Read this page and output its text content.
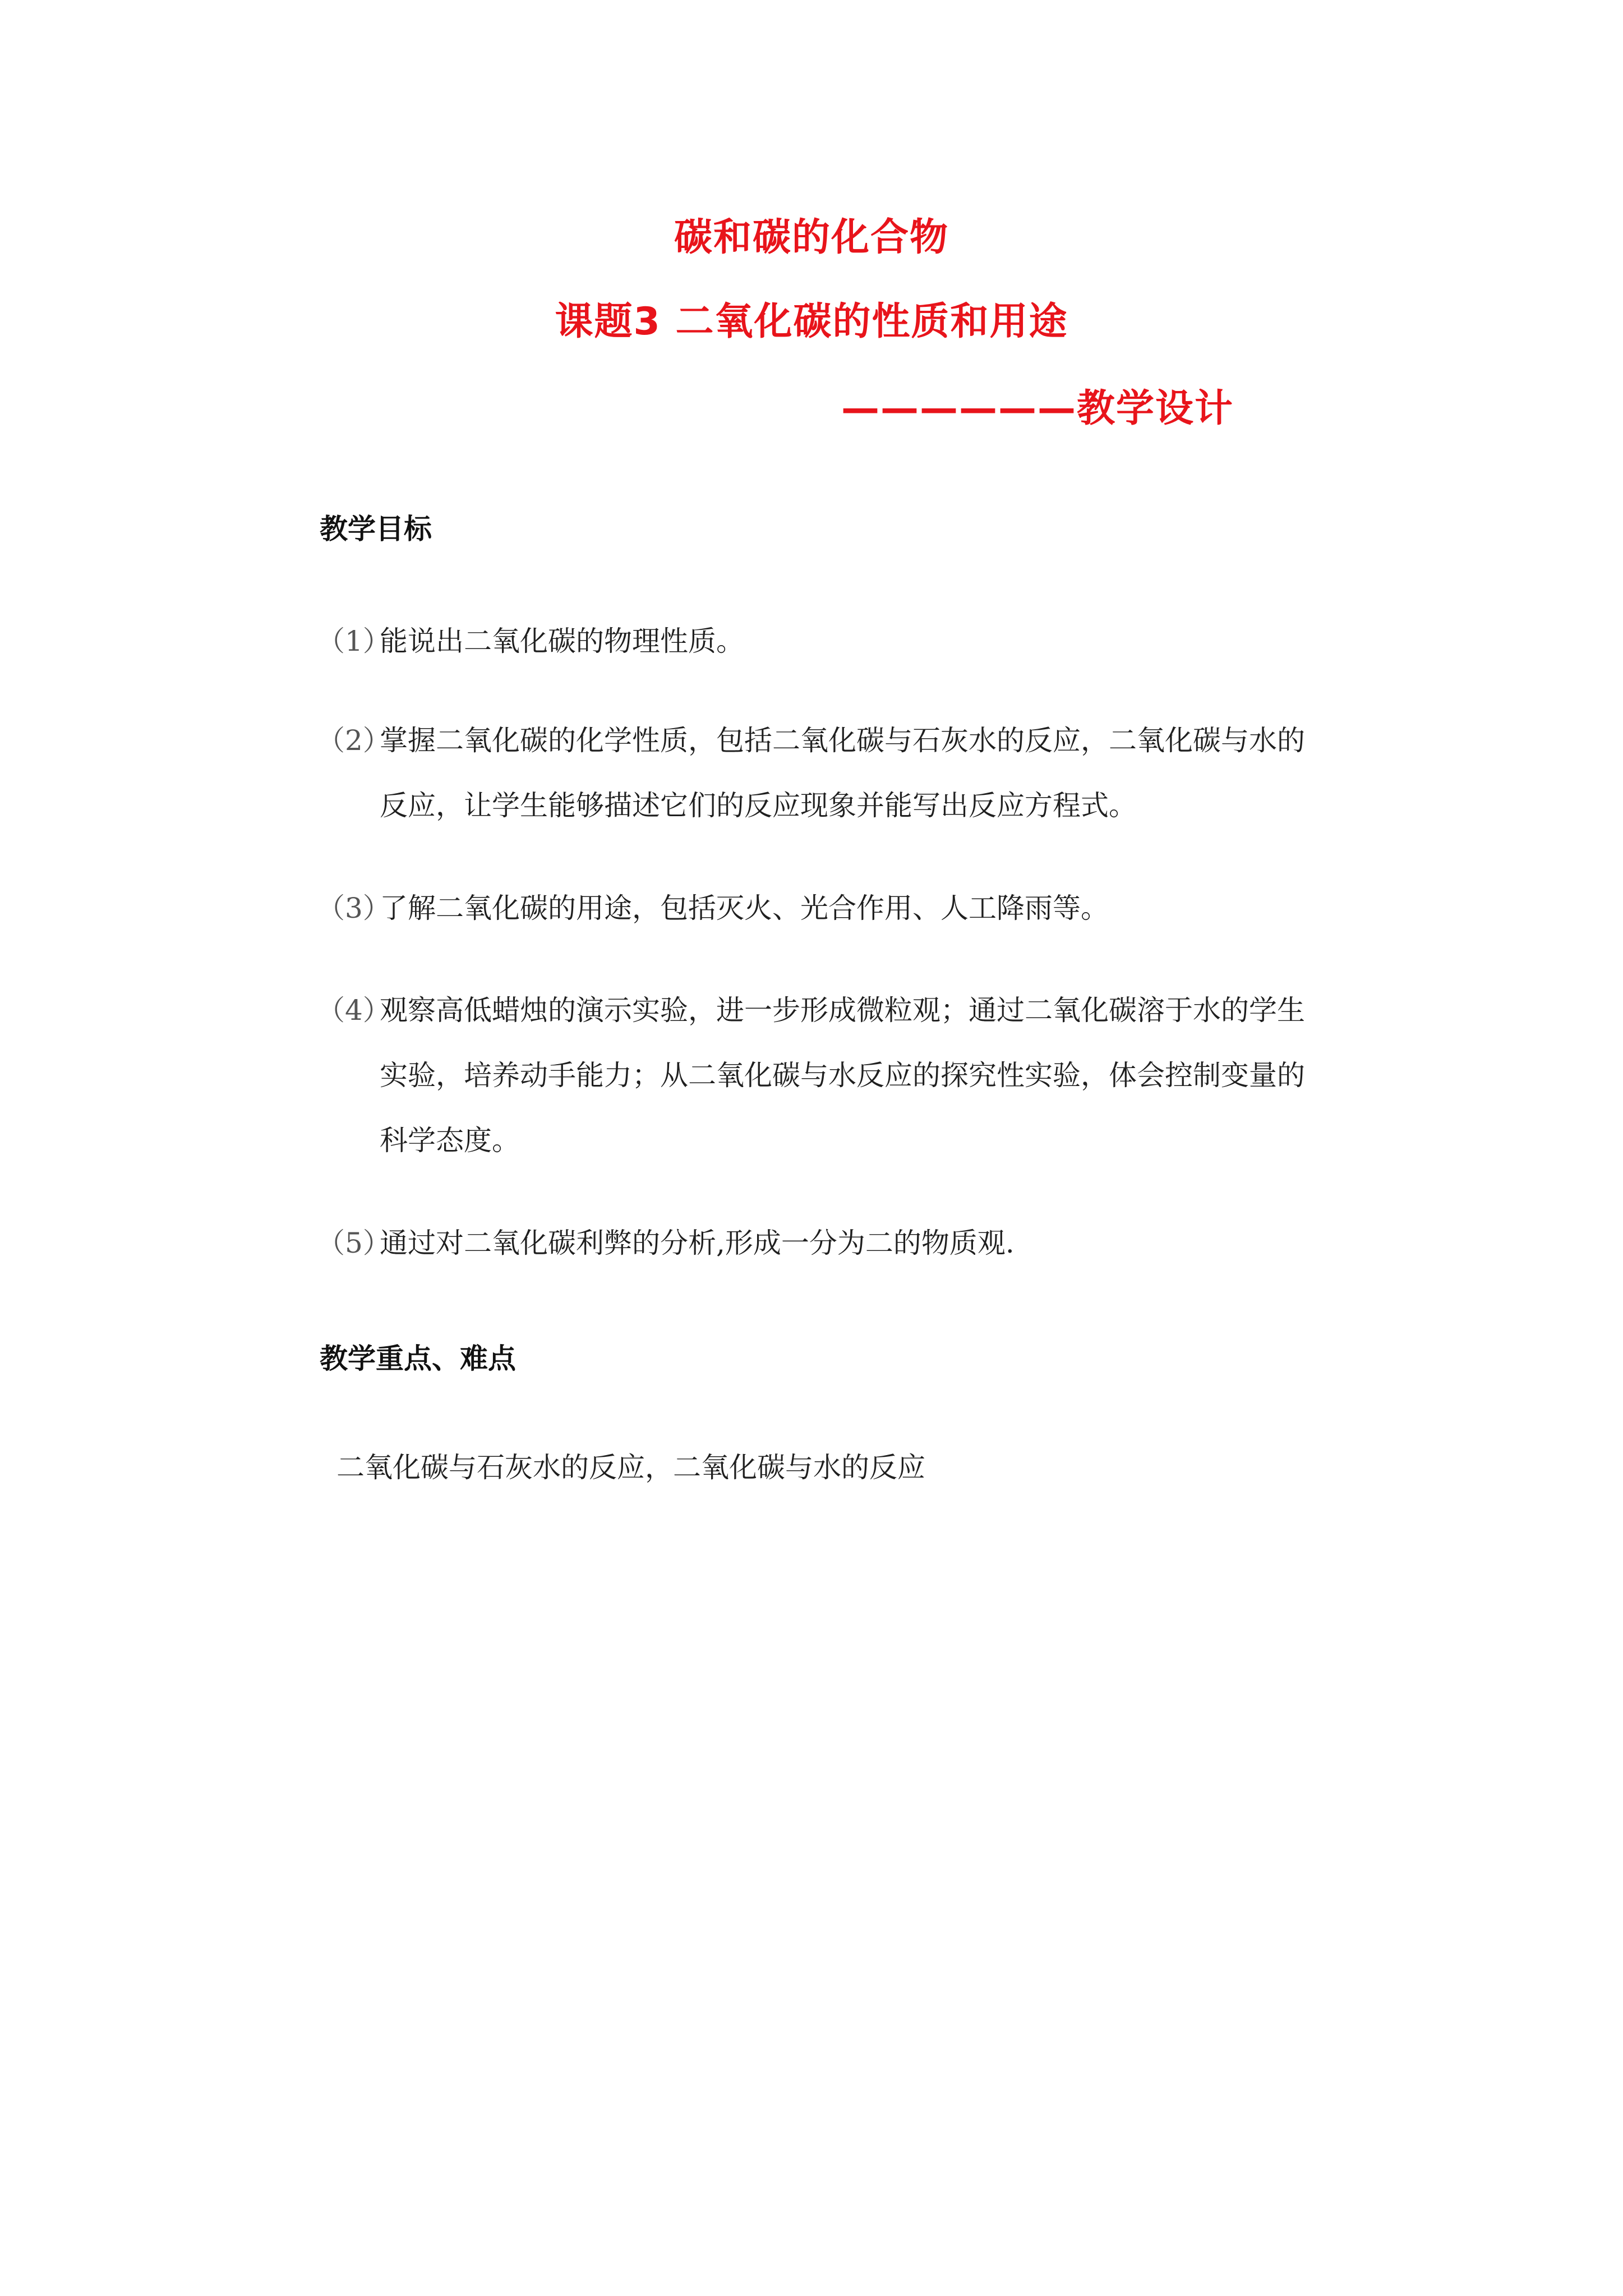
碳和碳的化合物
课题3 二氧化碳的性质和用途
——————教学设计
教学目标
（1）能说出二氧化碳的物理性质。
（2）掌握二氧化碳的化学性质，包括二氧化碳与石灰水的反应，二氧化碳与水的
反应，让学生能够描述它们的反应现象并能写出反应方程式。
（3）了解二氧化碳的用途，包括灭火、光合作用、人工降雨等。
（4）观察高低蜡烛的演示实验，进一步形成微粒观；通过二氧化碳溶于水的学生
实验，培养动手能力；从二氧化碳与水反应的探究性实验，体会控制变量的
科学态度。
（5）通过对二氧化碳利弊的分析,形成一分为二的物质观.
教学重点、难点
二氧化碳与石灰水的反应，二氧化碳与水的反应
